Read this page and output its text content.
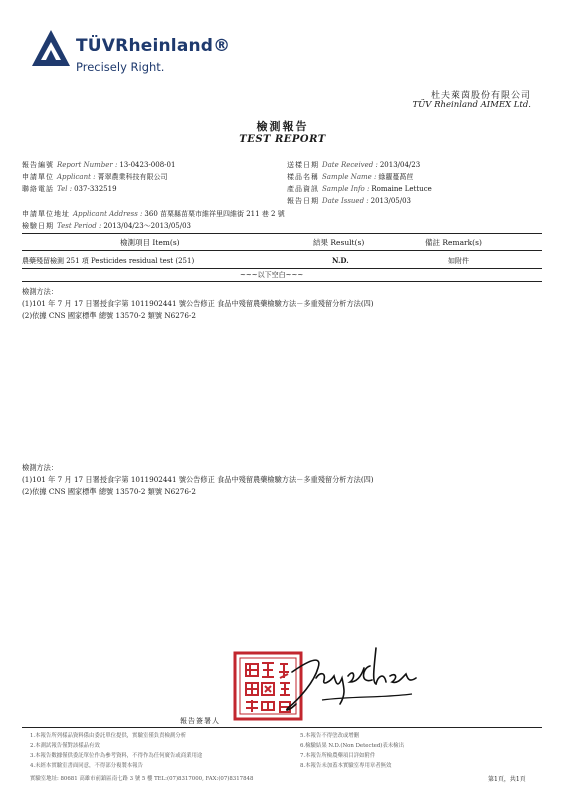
TÜVRheinland®
Precisely Right.
杜夫萊茵股份有限公司
TÜV Rheinland AIMEX Ltd.
檢測報告
TEST REPORT
報告編號 Report Number : 13-0423-008-01
申請單位 Applicant : 菁翠農業科技有限公司
聯絡電話 Tel : 037-332519
送樣日期 Date Received : 2013/04/23
樣品名稱 Sample Name : 綠蘿蔓萵苣
產品資訊 Sample Info : Romaine Lettuce
報告日期 Date Issued : 2013/05/03
申請單位地址 Applicant Address : 360 苗栗縣苗栗市維祥里四維街 211 巷 2 號
檢驗日期 Test Period : 2013/04/23～2013/05/03
檢測項目 Item(s)	結果 Result(s)	備註 Remark(s)
農藥殘留檢測 251 項 Pesticides residual test (251)	N.D.	如附件
~~~以下空白~~~
檢測方法：
(1)101 年 7 月 17 日署授食字第 1011902441 號公告修正 食品中殘留農藥檢驗方法－多重殘留分析方法(四)
(2)依據 CNS 國家標準 總號 13570-2 類號 N6276-2
檢測方法：
(1)101 年 7 月 17 日署授食字第 1011902441 號公告修正 食品中殘留農藥檢驗方法－多重殘留分析方法(四)
(2)依據 CNS 國家標準 總號 13570-2 類號 N6276-2
報告簽署人
1.本報告所列樣品資料係由委託單位提供，實驗室僅負責檢測分析
2.本測試報告僅對該樣品有效
3.本報告數據僅供委託單位作為參考資料，不得作為任何廣告或商業用途
4.未經本實驗室書面同意，不得部分複製本報告
5.本報告不得塗改或增刪
6.檢驗結果 N.D.(Non Detected)表未檢出
7.本報告所檢農藥項目詳如附件
8.本報告未加蓋本實驗室專用章者無效
實驗室地址: 80681 高雄市前鎮區南七路 3 號 5 樓 TEL:(07)8317000, FAX:(07)8317848	第1頁，共1頁
